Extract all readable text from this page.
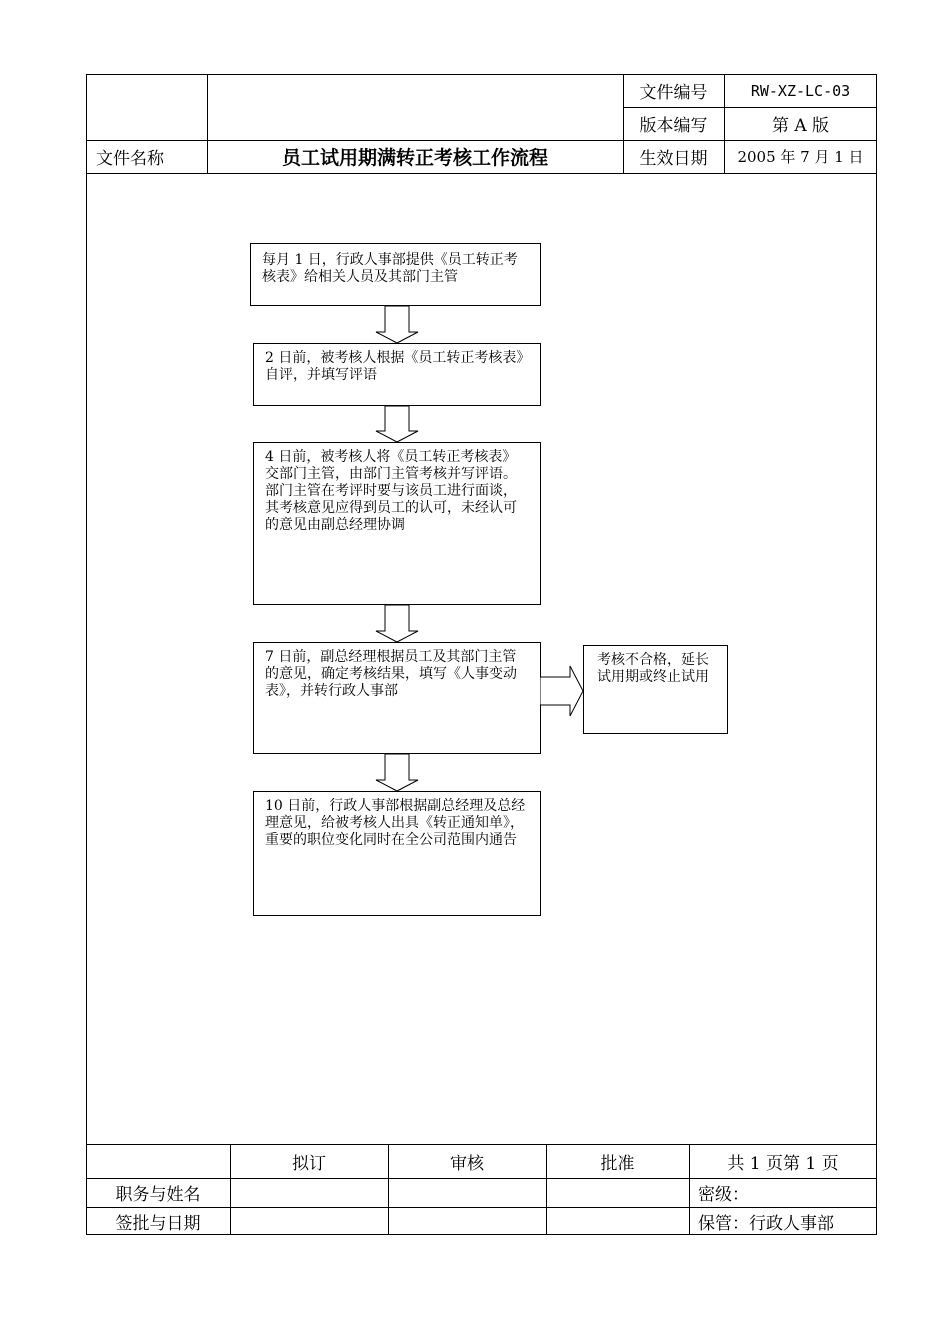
文件编号	RW-XZ-LC-03
版本编写	第 A 版
文件名称	员工试用期满转正考核工作流程	生效日期	2005 年 7 月 1 日
每月 1 日，行政人事部提供《员工转正考核表》给相关人员及其部门主管
2 日前，被考核人根据《员工转正考核表》自评，并填写评语
4 日前，被考核人将《员工转正考核表》交部门主管，由部门主管考核并写评语。部门主管在考评时要与该员工进行面谈，其考核意见应得到员工的认可，未经认可的意见由副总经理协调
7 日前，副总经理根据员工及其部门主管的意见，确定考核结果，填写《人事变动表》，并转行政人事部
考核不合格，延长试用期或终止试用
10 日前，行政人事部根据副总经理及总经理意见，给被考核人出具《转正通知单》，重要的职位变化同时在全公司范围内通告
拟订	审核	批准	共 1 页第 1 页
职务与姓名	密级：
签批与日期	保管：行政人事部
